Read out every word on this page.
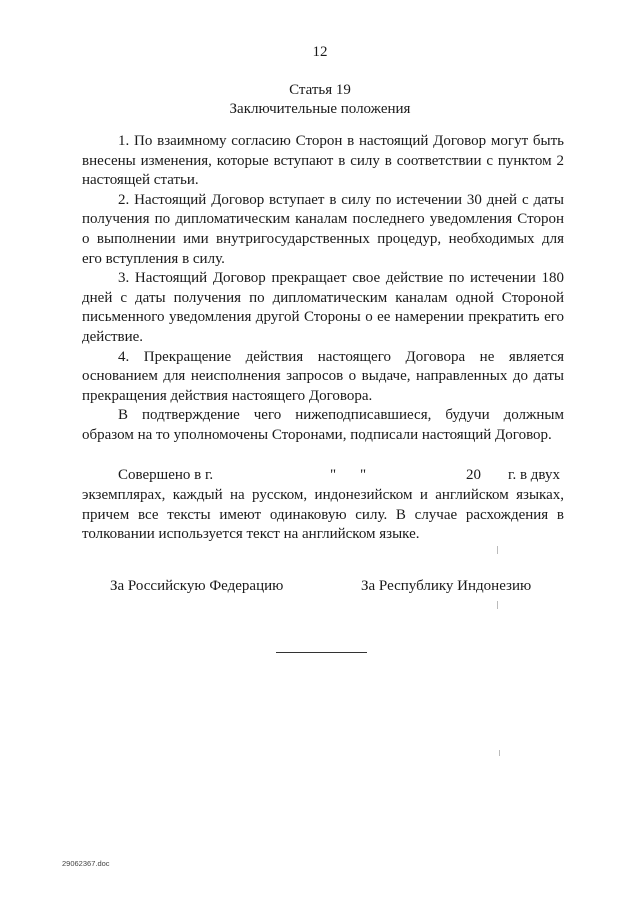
12
Статья 19
Заключительные положения

1. По взаимному согласию Сторон в настоящий Договор могут быть внесены изменения, которые вступают в силу в соответствии с пунктом 2 настоящей статьи.

2. Настоящий Договор вступает в силу по истечении 30 дней с даты получения по дипломатическим каналам последнего уведомления Сторон о выполнении ими внутригосударственных процедур, необходимых для его вступления в силу.

3. Настоящий Договор прекращает свое действие по истечении 180 дней с даты получения по дипломатическим каналам одной Стороной письменного уведомления другой Стороны о ее намерении прекратить его действие.

4. Прекращение действия настоящего Договора не является основанием для неисполнения запросов о выдаче, направленных до даты прекращения действия настоящего Договора.

В подтверждение чего нижеподписавшиеся, будучи должным образом на то уполномочены Сторонами, подписали настоящий Договор.

Совершено в г.	" "	20 г. в двух

экземплярах, каждый на русском, индонезийском и английском языках, причем все тексты имеют одинаковую силу. В случае расхождения в толковании используется текст на английском языке.

За Российскую Федерацию	За Республику Индонезию
29062367.doc
